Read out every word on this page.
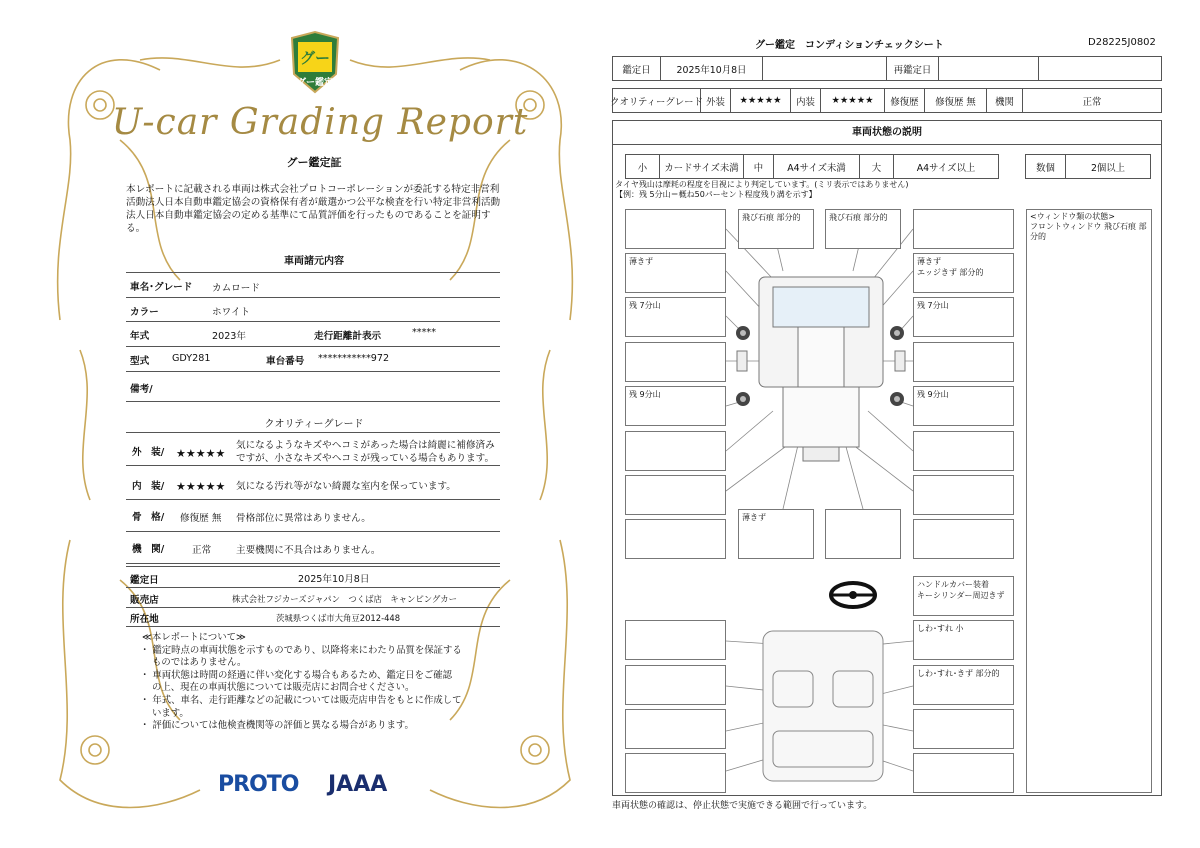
グー
グー鑑定
U-car Grading Report
グー鑑定証
本レポートに記載される車両は株式会社プロトコーポレーションが委託する特定非営利活動法人日本自動車鑑定協会の資格保有者が厳選かつ公平な検査を行い特定非営利活動法人日本自動車鑑定協会の定める基準にて品質評価を行ったものであることを証明する。
車両諸元内容
車名･グレード カムロード
カラー	ホワイト
年式	2023年	走行距離計表示	*****
型式 GDY281	車台番号 ***********972
備考/
クオリティーグレード
外　装/ ★★★★★
気になるようなキズやヘコミがあった場合は綺麗に補修済み
ですが、小さなキズやヘコミが残っている場合もあります。
内　装/ ★★★★★ 気になる汚れ等がない綺麗な室内を保っています。
骨　格/ 修復歴 無 骨格部位に異常はありません。
機　関/	正常	主要機関に不具合はありません。
鑑定日	2025年10月8日
販売店	株式会社フジカーズジャパン　つくば店　キャンピングカー
所在地	茨城県つくば市大角豆2012-448
≪本レポートについて≫
・ 鑑定時点の車両状態を示すものであり、以降将来にわたり品質を保証する
ものではありません。
・ 車両状態は時間の経過に伴い変化する場合もあるため、鑑定日をご確認
の上、現在の車両状態については販売店にお問合せください。
・ 年式、車名、走行距離などの記載については販売店申告をもとに作成して
います。
・ 評価については他検査機関等の評価と異なる場合があります。
PROTO JAAA
グー鑑定　コンディションチェックシート	D28225J0802
鑑定日	2025年10月8日	再鑑定日
クオリティーグレード 外装	★★★★★	内装	★★★★★	修復歴	修復歴 無	機関	正常
車両状態の説明
小	カードサイズ未満	中	A4サイズ未満	大	A4サイズ以上	数個	2個以上
タイヤ残山は摩耗の程度を目視により判定しています。(ミリ表示ではありません)
【例：残 5分山＝概ね50パーセント程度残り溝を示す】
薄きず
残 7分山
残 9分山
飛び石痕 部分的	飛び石痕 部分的
薄きず
薄きず
エッジきず 部分的
残 7分山
残 9分山
ハンドルカバー装着
キーシリンダー周辺きず
しわ･すれ 小
しわ･すれ･きず 部分的
<ウィンドウ類の状態>
フロントウィンドウ 飛び石痕 部分的
車両状態の確認は、停止状態で実施できる範囲で行っています。
